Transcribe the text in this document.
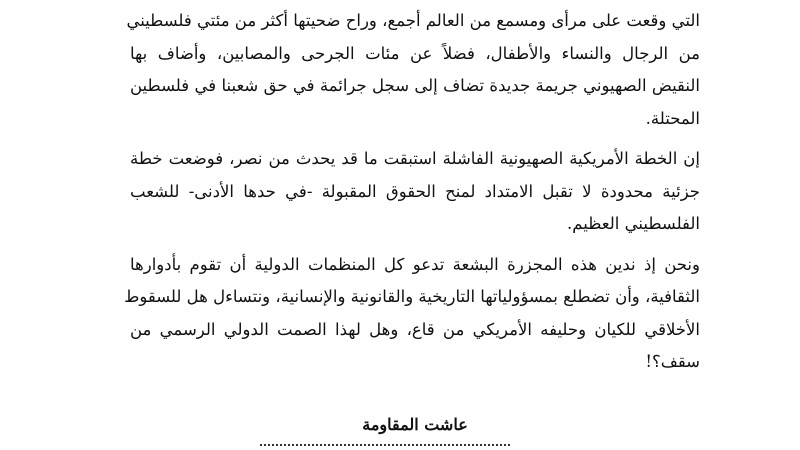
التي وقعت على مرأى ومسمع من العالم أجمع، وراح ضحيتها أكثر من مئتي فلسطيني
من الرجال والنساء والأطفال، فضلاً عن مئات الجرحى والمصابين، وأضاف بها
النقيض الصهيوني جريمة جديدة تضاف إلى سجل جرائمة في حق شعبنا في فلسطين
المحتلة.
إن الخطة الأمريكية الصهيونية الفاشلة استبقت ما قد يحدث من نصر، فوضعت خطة
جزئية محدودة لا تقبل الامتداد لمنح الحقوق المقبولة -في حدها الأدنى- للشعب
الفلسطيني العظيم.
ونحن إذ ندين هذه المجزرة البشعة تدعو كل المنظمات الدولية أن تقوم بأدوارها
الثقافية، وأن تضطلع بمسؤولياتها التاريخية والقانونية والإنسانية، ونتساءل هل للسقوط
الأخلاقي للكيان وحليفه الأمريكي من قاع، وهل لهذا الصمت الدولي الرسمي من
سقف؟!
عاشت المقاومة
